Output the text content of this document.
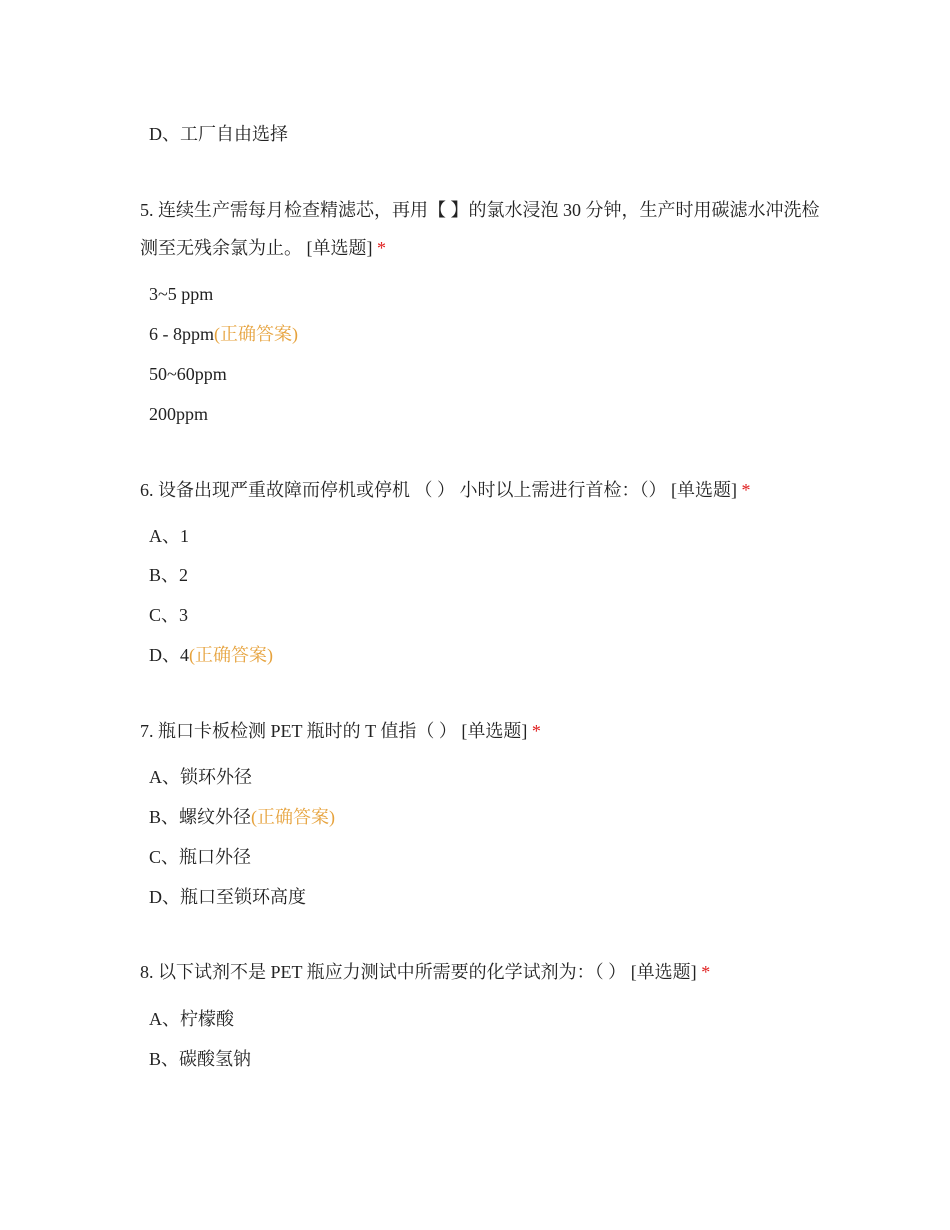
D、工厂自由选择
5. 连续生产需每月检查精滤芯，再用【 】的氯水浸泡 30 分钟，生产时用碳滤水冲洗检测至无残余氯为止。 [单选题] *
3~5 ppm
6 - 8ppm(正确答案)
50~60ppm
200ppm
6. 设备出现严重故障而停机或停机 （ ） 小时以上需进行首检：（） [单选题] *
A、1
B、2
C、3
D、4(正确答案)
7. 瓶口卡板检测 PET 瓶时的 T 值指（ ） [单选题] *
A、锁环外径
B、螺纹外径(正确答案)
C、瓶口外径
D、瓶口至锁环高度
8. 以下试剂不是 PET 瓶应力测试中所需要的化学试剂为：（ ） [单选题] *
A、柠檬酸
B、碳酸氢钠
